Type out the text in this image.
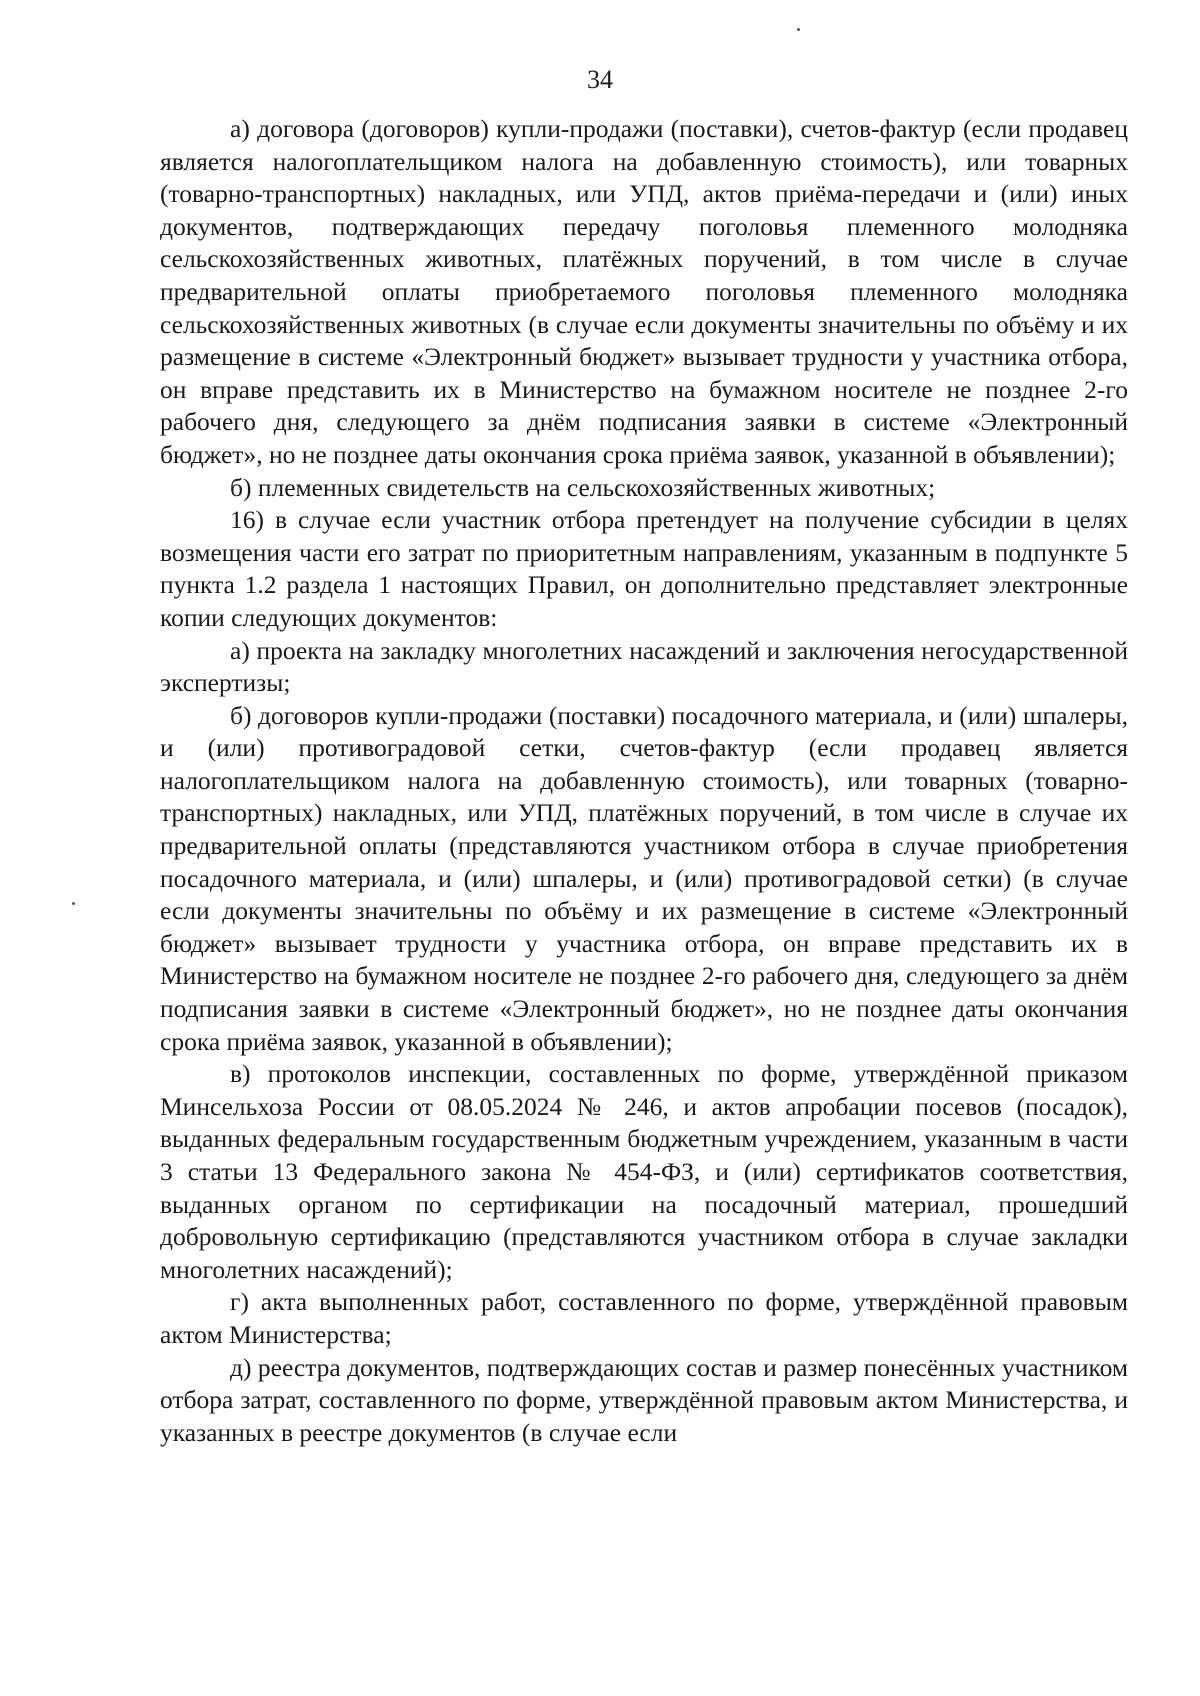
34

а) договора (договоров) купли-продажи (поставки), счетов-фактур (если продавец является налогоплательщиком налога на добавленную стоимость), или товарных (товарно-транспортных) накладных, или УПД, актов приёма-передачи и (или) иных документов, подтверждающих передачу поголовья племенного молодняка сельскохозяйственных животных, платёжных поручений, в том числе в случае предварительной оплаты приобретаемого поголовья племенного молодняка сельскохозяйственных животных (в случае если документы значительны по объёму и их размещение в системе «Электронный бюджет» вызывает трудности у участника отбора, он вправе представить их в Министерство на бумажном носителе не позднее 2-го рабочего дня, следующего за днём подписания заявки в системе «Электронный бюджет», но не позднее даты окончания срока приёма заявок, указанной в объявлении);

б) племенных свидетельств на сельскохозяйственных животных;

16) в случае если участник отбора претендует на получение субсидии в целях возмещения части его затрат по приоритетным направлениям, указанным в подпункте 5 пункта 1.2 раздела 1 настоящих Правил, он дополнительно представляет электронные копии следующих документов:

а) проекта на закладку многолетних насаждений и заключения негосударственной экспертизы;

б) договоров купли-продажи (поставки) посадочного материала, и (или) шпалеры, и (или) противоградовой сетки, счетов-фактур (если продавец является налогоплательщиком налога на добавленную стоимость), или товарных (товарно-транспортных) накладных, или УПД, платёжных поручений, в том числе в случае их предварительной оплаты (представляются участником отбора в случае приобретения посадочного материала, и (или) шпалеры, и (или) противоградовой сетки) (в случае если документы значительны по объёму и их размещение в системе «Электронный бюджет» вызывает трудности у участника отбора, он вправе представить их в Министерство на бумажном носителе не позднее 2-го рабочего дня, следующего за днём подписания заявки в системе «Электронный бюджет», но не позднее даты окончания срока приёма заявок, указанной в объявлении);

в) протоколов инспекции, составленных по форме, утверждённой приказом Минсельхоза России от 08.05.2024 № 246, и актов апробации посевов (посадок), выданных федеральным государственным бюджетным учреждением, указанным в части 3 статьи 13 Федерального закона № 454-ФЗ, и (или) сертификатов соответствия, выданных органом по сертификации на посадочный материал, прошедший добровольную сертификацию (представляются участником отбора в случае закладки многолетних насаждений);

г) акта выполненных работ, составленного по форме, утверждённой правовым актом Министерства;

д) реестра документов, подтверждающих состав и размер понесённых участником отбора затрат, составленного по форме, утверждённой правовым актом Министерства, и указанных в реестре документов (в случае если
